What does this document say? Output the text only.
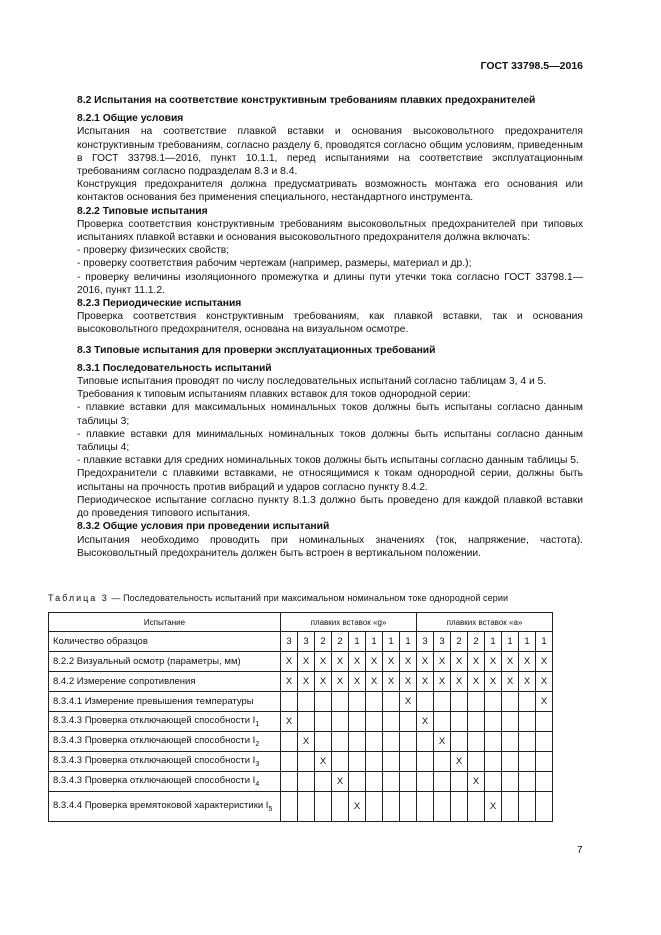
ГОСТ 33798.5—2016

8.2 Испытания на соответствие конструктивным требованиям плавких предохранителей

8.2.1 Общие условия

Испытания на соответствие плавкой вставки и основания высоковольтного предохранителя конструктивным требованиям, согласно разделу 6, проводятся согласно общим условиям, приведенным в ГОСТ 33798.1—2016, пункт 10.1.1, перед испытаниями на соответствие эксплуатационным требованиям согласно подразделам 8.3 и 8.4.

Конструкция предохранителя должна предусматривать возможность монтажа его основания или контактов основания без применения специального, нестандартного инструмента.

8.2.2 Типовые испытания

Проверка соответствия конструктивным требованиям высоковольтных предохранителей при типовых испытаниях плавкой вставки и основания высоковольтного предохранителя должна включать:

- проверку физических свойств;

- проверку соответствия рабочим чертежам (например, размеры, материал и др.);

- проверку величины изоляционного промежутка и длины пути утечки тока согласно ГОСТ 33798.1—2016, пункт 11.1.2.

8.2.3 Периодические испытания

Проверка соответствия конструктивным требованиям, как плавкой вставки, так и основания высоковольтного предохранителя, основана на визуальном осмотре.

8.3 Типовые испытания для проверки эксплуатационных требований

8.3.1 Последовательность испытаний

Типовые испытания проводят по числу последовательных испытаний согласно таблицам 3, 4 и 5.

Требования к типовым испытаниям плавких вставок для токов однородной серии:

- плавкие вставки для максимальных номинальных токов должны быть испытаны согласно данным таблицы 3;

- плавкие вставки для минимальных номинальных токов должны быть испытаны согласно данным таблицы 4;

- плавкие вставки для средних номинальных токов должны быть испытаны согласно данным таблицы 5.

Предохранители с плавкими вставками, не относящимися к токам однородной серии, должны быть испытаны на прочность против вибраций и ударов согласно пункту 8.4.2.

Периодическое испытание согласно пункту 8.1.3 должно быть проведено для каждой плавкой вставки до проведения типового испытания.

8.3.2 Общие условия при проведении испытаний

Испытания необходимо проводить при номинальных значениях (ток, напряжение, частота). Высоковольтный предохранитель должен быть встроен в вертикальном положении.

Таблица 3 — Последовательность испытаний при максимальном номинальном токе однородной серии
Испытание	плавких вставок «g»								плавких вставок «a»							
Количество образцов	3	3	2	2	1	1	1	1	3	3	2	2	1	1	1	1
8.2.2 Визуальный осмотр (параметры, мм)	X	X	X	X	X	X	X	X	X	X	X	X	X	X	X	X
8.4.2 Измерение сопротивления	X	X	X	X	X	X	X	X	X	X	X	X	X	X	X	X
8.3.4.1 Измерение превышения температуры								X								X
8.3.4.3 Проверка отключающей способности $I_1$	X								X							
8.3.4.3 Проверка отключающей способности $I_2$		X								X						
8.3.4.3 Проверка отключающей способности $I_3$			X								X					
8.3.4.3 Проверка отключающей способности $I_4$				X								X				
8.3.4.4 Проверка времятоковой характеристики $I_5$					X								X			
7
